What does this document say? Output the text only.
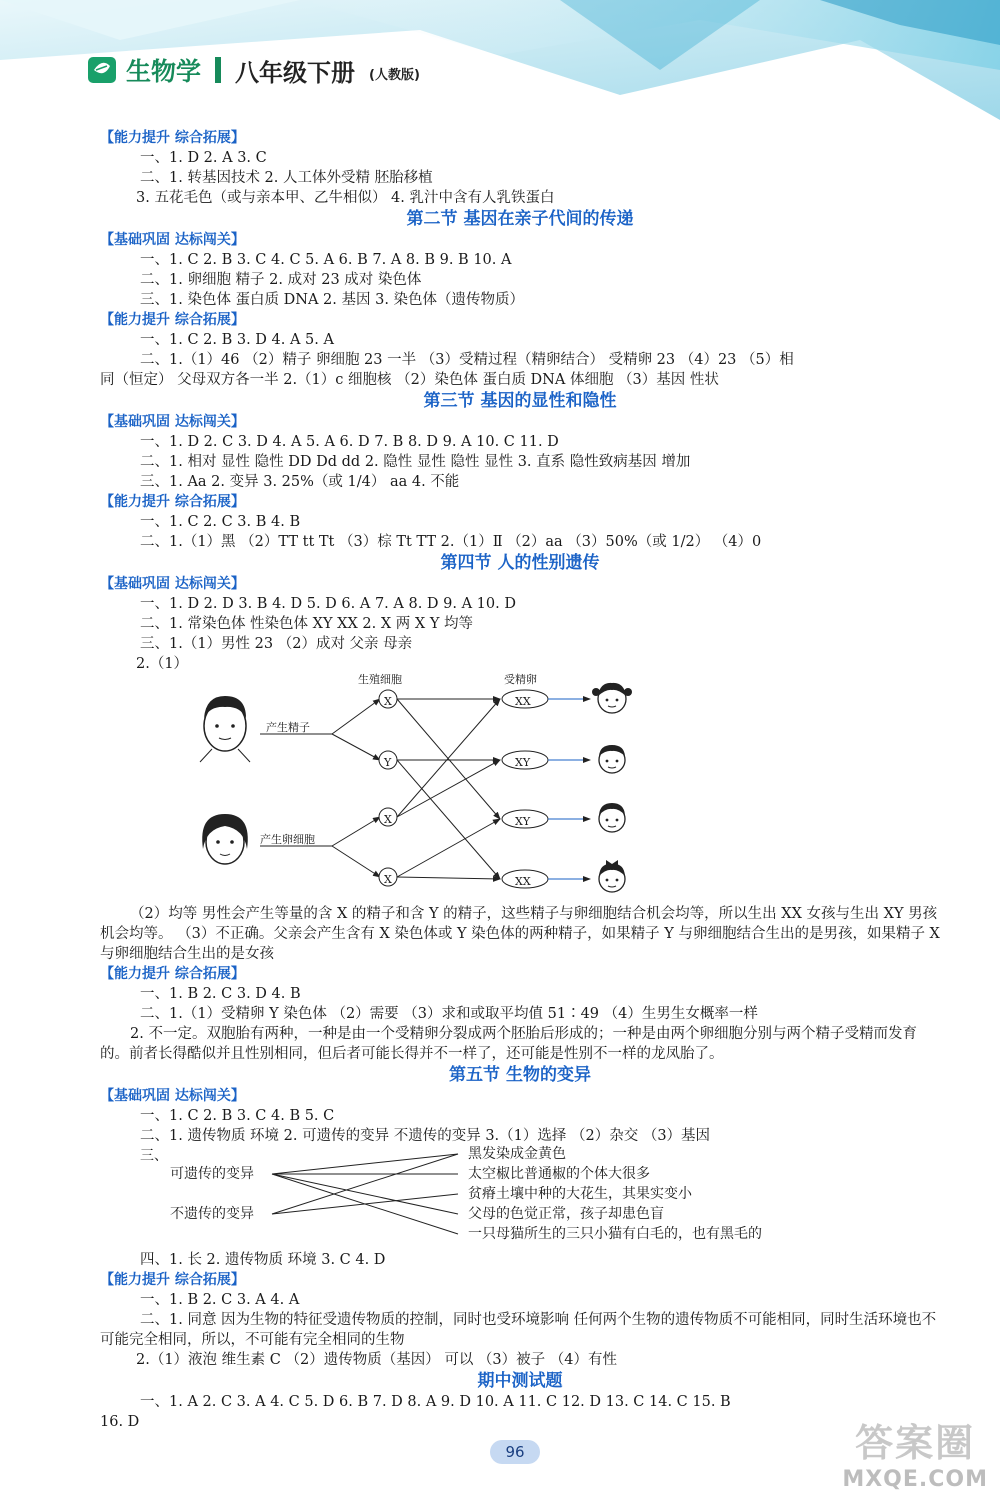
生物学 八年级下册 (人教版)
【能力提升 综合拓展】
一、1. D 2. A 3. C
二、1. 转基因技术 2. 人工体外受精 胚胎移植
3. 五花毛色（或与亲本甲、乙牛相似） 4. 乳汁中含有人乳铁蛋白
第二节 基因在亲子代间的传递
【基础巩固 达标闯关】
一、1. C 2. B 3. C 4. C 5. A 6. B 7. A 8. B 9. B 10. A
二、1. 卵细胞 精子 2. 成对 23 成对 染色体
三、1. 染色体 蛋白质 DNA 2. 基因 3. 染色体（遗传物质）
【能力提升 综合拓展】
一、1. C 2. B 3. D 4. A 5. A
二、1.（1）46 （2）精子 卵细胞 23 一半 （3）受精过程（精卵结合） 受精卵 23 （4）23 （5）相
同（恒定） 父母双方各一半 2.（1）c 细胞核 （2）染色体 蛋白质 DNA 体细胞 （3）基因 性状
第三节 基因的显性和隐性
【基础巩固 达标闯关】
一、1. D 2. C 3. D 4. A 5. A 6. D 7. B 8. D 9. A 10. C 11. D
二、1. 相对 显性 隐性 DD Dd dd 2. 隐性 显性 隐性 显性 3. 直系 隐性致病基因 增加
三、1. Aa 2. 变异 3. 25%（或 1/4） aa 4. 不能
【能力提升 综合拓展】
一、1. C 2. C 3. B 4. B
二、1.（1）黑 （2）TT tt Tt （3）棕 Tt TT 2.（1）Ⅱ （2）aa （3）50%（或 1/2） （4）0
第四节 人的性别遗传
【基础巩固 达标闯关】
一、1. D 2. D 3. B 4. D 5. D 6. A 7. A 8. D 9. A 10. D
二、1. 常染色体 性染色体 XY XX 2. X 两 X Y 均等
三、1.（1）男性 23 （2）成对 父亲 母亲
2.（1）
生殖细胞	受精卵
产生精子
产生卵细胞
X
Y
X
X
XX
XY
XY
XX
（2）均等 男性会产生等量的含 X 的精子和含 Y 的精子，这些精子与卵细胞结合机会均等，所以生出 XX 女孩与生出 XY 男孩机会均等。 （3）不正确。父亲会产生含有 X 染色体或 Y 染色体的两种精子，如果精子 Y 与卵细胞结合生出的是男孩，如果精子 X 与卵细胞结合生出的是女孩
【能力提升 综合拓展】
一、1. B 2. C 3. D 4. B
二、1.（1）受精卵 Y 染色体 （2）需要 （3）求和或取平均值 51∶49 （4）生男生女概率一样
2. 不一定。双胞胎有两种，一种是由一个受精卵分裂成两个胚胎后形成的；一种是由两个卵细胞分别与两个精子受精而发育的。前者长得酷似并且性别相同，但后者可能长得并不一样了，还可能是性别不一样的龙凤胎了。
第五节 生物的变异
【基础巩固 达标闯关】
一、1. C 2. B 3. C 4. B 5. C
二、1. 遗传物质 环境 2. 可遗传的变异 不遗传的变异 3.（1）选择 （2）杂交 （3）基因
三、
可遗传的变异
不遗传的变异
黑发染成金黄色
太空椒比普通椒的个体大很多
贫瘠土壤中种的大花生，其果实变小
父母的色觉正常，孩子却患色盲
一只母猫所生的三只小猫有白毛的，也有黑毛的
四、1. 长 2. 遗传物质 环境 3. C 4. D
【能力提升 综合拓展】
一、1. B 2. C 3. A 4. A
二、1. 同意 因为生物的特征受遗传物质的控制，同时也受环境影响 任何两个生物的遗传物质不可能相同，同时生活环境也不可能完全相同，所以，不可能有完全相同的生物
2.（1）液泡 维生素 C （2）遗传物质（基因） 可以 （3）被子 （4）有性
期中测试题
一、1. A 2. C 3. A 4. C 5. D 6. B 7. D 8. A 9. D 10. A 11. C 12. D 13. C 14. C 15. B
16. D
96	答案圈
MXQE.COM
